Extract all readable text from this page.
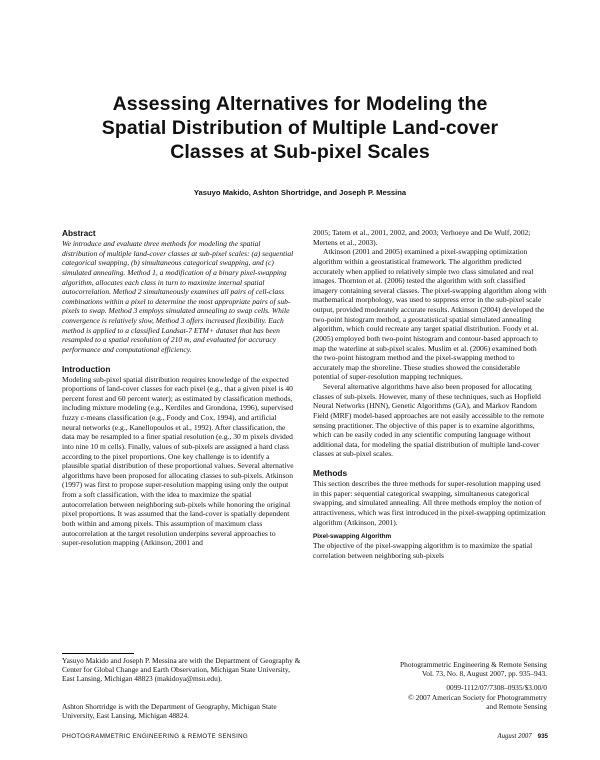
Assessing Alternatives for Modeling the
Spatial Distribution of Multiple Land-cover
Classes at Sub-pixel Scales
Yasuyo Makido, Ashton Shortridge, and Joseph P. Messina
Abstract

We introduce and evaluate three methods for modeling the spatial distribution of multiple land-cover classes at sub-pixel scales: (a) sequential categorical swapping, (b) simultaneous categorical swapping, and (c) simulated annealing. Method 1, a modification of a binary pixel-swapping algorithm, allocates each class in turn to maximize internal spatial autocorrelation. Method 2 simultaneously examines all pairs of cell-class combinations within a pixel to determine the most appropriate pairs of sub-pixels to swap. Method 3 employs simulated annealing to swap cells. While convergence is relatively slow, Method 3 offers increased flexibility. Each method is applied to a classified Landsat-7 ETM+ dataset that has been resampled to a spatial resolution of 210 m, and evaluated for accuracy performance and computational efficiency.

Introduction

Modeling sub-pixel spatial distribution requires knowledge of the expected proportions of land-cover classes for each pixel (e.g., that a given pixel is 40 percent forest and 60 percent water); as estimated by classification methods, including mixture modeling (e.g., Kerdiles and Grondona, 1996), supervised fuzzy c-means classification (e.g., Foody and Cox, 1994), and artificial neural networks (e.g., Kanellopoulos et al., 1992). After classification, the data may be resampled to a finer spatial resolution (e.g., 30 m pixels divided into nine 10 m cells). Finally, values of sub-pixels are assigned a hard class according to the pixel proportions. One key challenge is to identify a plausible spatial distribution of these proportional values. Several alternative algorithms have been proposed for allocating classes to sub-pixels. Atkinson (1997) was first to propose super-resolution mapping using only the output from a soft classification, with the idea to maximize the spatial autocorrelation between neighboring sub-pixels while honoring the original pixel proportions. It was assumed that the land-cover is spatially dependent both within and among pixels. This assumption of maximum class autocorrelation at the target resolution underpins several approaches to super-resolution mapping (Atkinson, 2001 and

2005; Tatem et al., 2001, 2002, and 2003; Verhoeye and De Wulf, 2002; Mertens et al., 2003).

Atkinson (2001 and 2005) examined a pixel-swapping optimization algorithm within a geostatistical framework. The algorithm predicted accurately when applied to relatively simple two class simulated and real images. Thornton et al. (2006) tested the algorithm with soft classified imagery containing several classes. The pixel-swapping algorithm along with mathematical morphology, was used to suppress error in the sub-pixel scale output, provided moderately accurate results. Atkinson (2004) developed the two-point histogram method, a geostatistical spatial simulated annealing algorithm, which could recreate any target spatial distribution. Foody et al. (2005) employed both two-point histogram and contour-based approach to map the waterline at sub-pixel scales. Muslim et al. (2006) examined both the two-point histogram method and the pixel-swapping method to accurately map the shoreline. These studies showed the considerable potential of super-resolution mapping techniques.

Several alternative algorithms have also been proposed for allocating classes of sub-pixels. However, many of these techniques, such as Hopfield Neural Networks (HNN), Genetic Algorithms (GA), and Markov Random Field (MRF) model-based approaches are not easily accessible to the remote sensing practitioner. The objective of this paper is to examine algorithms, which can be easily coded in any scientific computing language without additional data, for modeling the spatial distribution of multiple land-cover classes at sub-pixel scales.

Methods

This section describes the three methods for super-resolution mapping used in this paper: sequential categorical swapping, simultaneous categorical swapping, and simulated annealing. All three methods employ the notion of attractiveness, which was first introduced in the pixel-swapping optimization algorithm (Atkinson, 2001).

Pixel-swapping Algorithm

The objective of the pixel-swapping algorithm is to maximize the spatial correlation between neighboring sub-pixels

Yasuyo Makido and Joseph P. Messina are with the Department of Geography & Center for Global Change and Earth Observation, Michigan State University, East Lansing, Michigan 48823 (makidoya@msu.edu).
Ashton Shortridge is with the Department of Geography, Michigan State University, East Lansing, Michigan 48824.
Photogrammetric Engineering & Remote Sensing
Vol. 73, No. 8, August 2007, pp. 935–943.
0099-1112/07/7308–0935/$3.00/0
© 2007 American Society for Photogrammetry
and Remote Sensing
PHOTOGRAMMETRIC ENGINEERING & REMOTE SENSING	August 2007 935
